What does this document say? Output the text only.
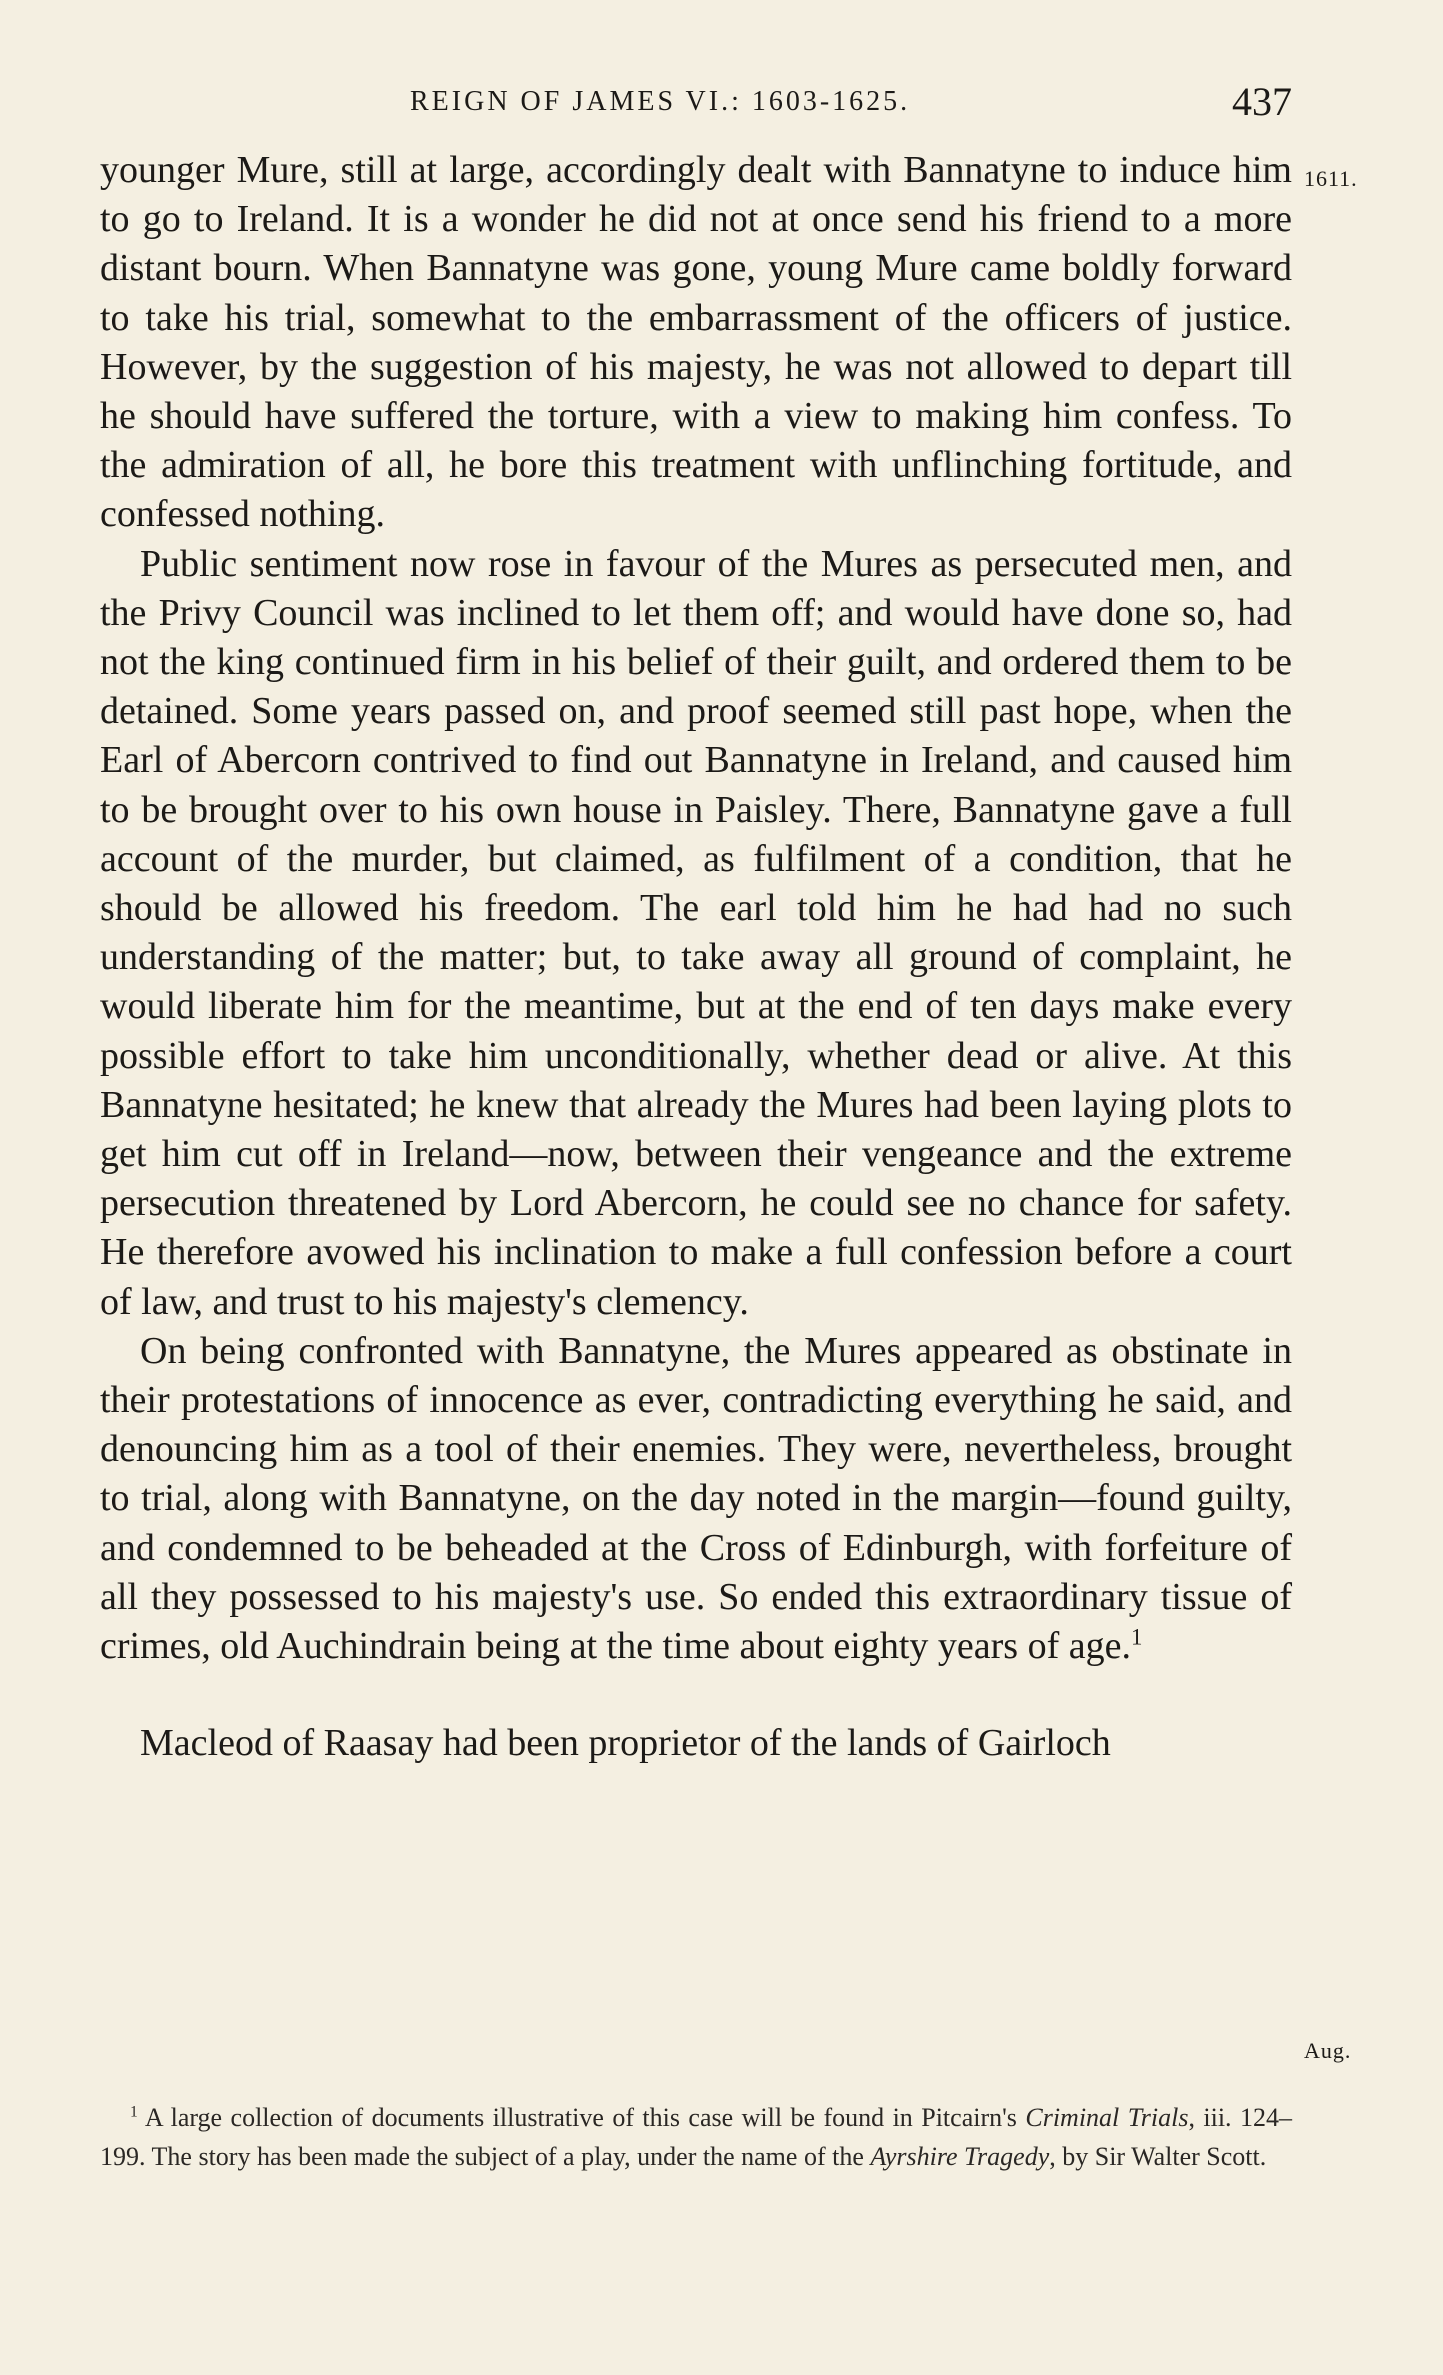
REIGN OF JAMES VI.: 1603-1625.	437
1611.

younger Mure, still at large, accordingly dealt with Bannatyne to induce him to go to Ireland. It is a wonder he did not at once send his friend to a more distant bourn. When Bannatyne was gone, young Mure came boldly forward to take his trial, somewhat to the embarrassment of the officers of justice. However, by the suggestion of his majesty, he was not allowed to depart till he should have suffered the torture, with a view to making him confess. To the admiration of all, he bore this treatment with unflinching fortitude, and confessed nothing.

Public sentiment now rose in favour of the Mures as persecuted men, and the Privy Council was inclined to let them off; and would have done so, had not the king continued firm in his belief of their guilt, and ordered them to be detained. Some years passed on, and proof seemed still past hope, when the Earl of Abercorn contrived to find out Bannatyne in Ireland, and caused him to be brought over to his own house in Paisley. There, Bannatyne gave a full account of the murder, but claimed, as fulfilment of a condition, that he should be allowed his freedom. The earl told him he had had no such understanding of the matter; but, to take away all ground of complaint, he would liberate him for the meantime, but at the end of ten days make every possible effort to take him unconditionally, whether dead or alive. At this Bannatyne hesitated; he knew that already the Mures had been laying plots to get him cut off in Ireland—now, between their vengeance and the extreme persecution threatened by Lord Abercorn, he could see no chance for safety. He therefore avowed his inclination to make a full confession before a court of law, and trust to his majesty's clemency.

On being confronted with Bannatyne, the Mures appeared as obstinate in their protestations of innocence as ever, contradicting everything he said, and denouncing him as a tool of their enemies. They were, nevertheless, brought to trial, along with Bannatyne, on the day noted in the margin—found guilty, and condemned to be beheaded at the Cross of Edinburgh, with forfeiture of all they possessed to his majesty's use. So ended this extraordinary tissue of crimes, old Auchindrain being at the time about eighty years of age.$^1$

Macleod of Raasay had been proprietor of the lands of Gairloch

Aug.

$^1$ A large collection of documents illustrative of this case will be found in Pitcairn's Criminal Trials, iii. 124–199. The story has been made the subject of a play, under the name of the Ayrshire Tragedy, by Sir Walter Scott.
